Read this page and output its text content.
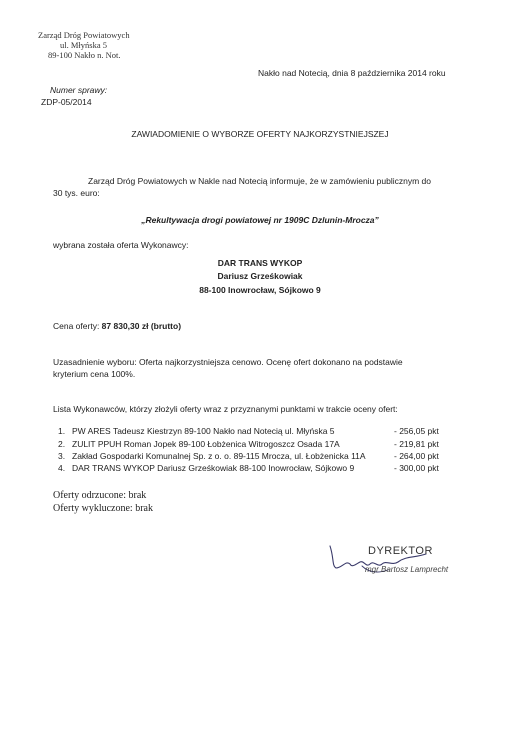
Zarząd Dróg Powiatowych
ul. Młyńska 5
89-100 Nakło n. Not.
Nakło nad Notecią, dnia 8 października 2014 roku
Numer sprawy:
ZDP-05/2014
ZAWIADOMIENIE O WYBORZE OFERTY NAJKORZYSTNIEJSZEJ
Zarząd Dróg Powiatowych w Nakle nad Notecią informuje, że w zamówieniu publicznym do
30 tys. euro:
„Rekultywacja drogi powiatowej nr 1909C Dzlunin-Mrocza”
wybrana została oferta Wykonawcy:
DAR TRANS WYKOP
Dariusz Grześkowiak
88-100 Inowrocław, Sójkowo 9
Cena oferty: 87 830,30 zł (brutto)
Uzasadnienie wyboru: Oferta najkorzystniejsza cenowo. Ocenę ofert dokonano na podstawie
kryterium cena 100%.
Lista Wykonawców, którzy złożyli oferty wraz z przyznanymi punktami w trakcie oceny ofert:
1. PW ARES Tadeusz Kiestrzyn 89-100 Nakło nad Notecią ul. Młyńska 5	- 256,05 pkt
2. ZULIT PPUH Roman Jopek 89-100 Łobżenica Witrogoszcz Osada 17A	- 219,81 pkt
3. Zakład Gospodarki Komunalnej Sp. z o. o. 89-115 Mrocza, ul. Łobżenicka 11A	- 264,00 pkt
4. DAR TRANS WYKOP Dariusz Grześkowiak 88-100 Inowrocław, Sójkowo 9	- 300,00 pkt
Oferty odrzucone: brak
Oferty wykluczone: brak
DYREKTOR
mgr Bartosz Lamprecht
